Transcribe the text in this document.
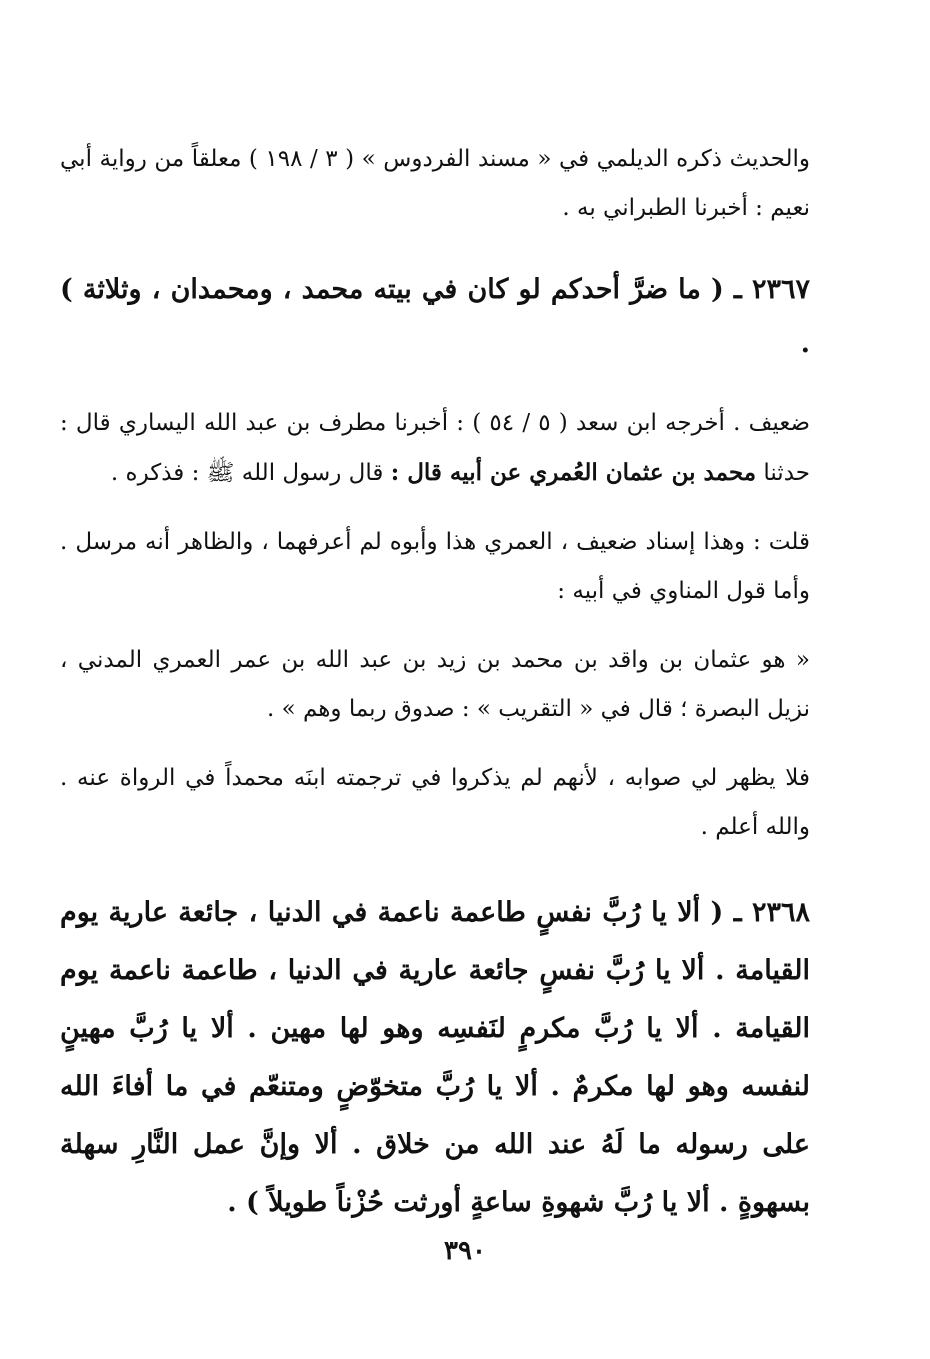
والحديث ذكره الديلمي في « مسند الفردوس » ( ٣ / ١٩٨ ) معلقاً من رواية أبي نعيم : أخبرنا الطبراني به .

٢٣٦٧ ـ ( ما ضرَّ أحدكم لو كان في بيته محمد ، ومحمدان ، وثلاثة ) .

ضعيف . أخرجه ابن سعد ( ٥ / ٥٤ ) : أخبرنا مطرف بن عبد الله اليساري قال : حدثنا محمد بن عثمان العُمري عن أبيه قال : قال رسول الله ﷺ : فذكره .

قلت : وهذا إسناد ضعيف ، العمري هذا وأبوه لم أعرفهما ، والظاهر أنه مرسل . وأما قول المناوي في أبيه :

« هو عثمان بن واقد بن محمد بن زيد بن عبد الله بن عمر العمري المدني ، نزيل البصرة ؛ قال في « التقريب » : صدوق ربما وهم » .

فلا يظهر لي صوابه ، لأنهم لم يذكروا في ترجمته ابنَه محمداً في الرواة عنه . والله أعلم .

٢٣٦٨ ـ ( ألا يا رُبَّ نفسٍ طاعمة ناعمة في الدنيا ، جائعة عارية يوم القيامة . ألا يا رُبَّ نفسٍ جائعة عارية في الدنيا ، طاعمة ناعمة يوم القيامة . ألا يا رُبَّ مكرمٍ لنَفسِه وهو لها مهين . ألا يا رُبَّ مهينٍ لنفسه وهو لها مكرمٌ . ألا يا رُبَّ متخوّضٍ ومتنعّم في ما أفاءَ الله على رسوله ما لَهُ عند الله من خلاق . ألا وإنَّ عمل النَّارِ سهلة بسهوةٍ . ألا يا رُبَّ شهوةِ ساعةٍ أورثت حُزْناً طويلاً ) .

٣٩٠
